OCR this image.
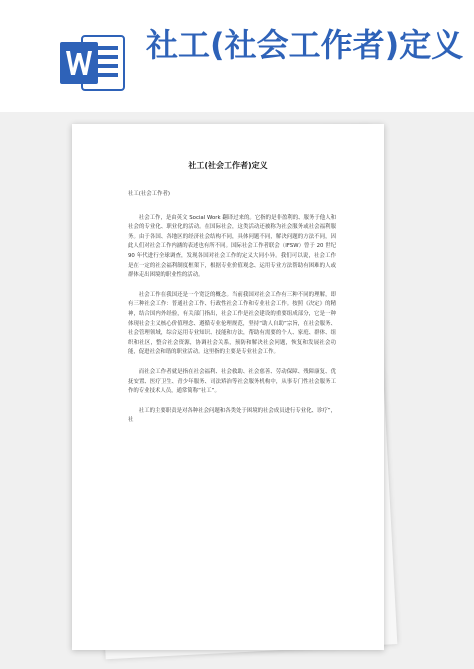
社工(社会工作者)定义
社工(社会工作者)定义

社工(社会工作者)

社会工作，是由英文 Social Work 翻译过来的。它指的是非盈利的、服务于他人和社会的专业化、职业化的活动。在国际社会，这类活动还被称为社会服务或社会福利服务。由于各国、各地区的经济社会结构不同，具体问题不同，解决问题的方法不同，因此人们对社会工作内涵的表述也有所不同。国际社会工作者联会（IFSW）曾于 20 世纪 90 年代进行全球调查，发现各国对社会工作的定义大同小异。我们可以说，社会工作是在一定的社会福利制度框架下，根据专业价值观念、运用专业方法帮助有困难的人或群体走出困境的职业性的活动。

社会工作在我国还是一个宽泛的概念。当前我国对社会工作有三种不同的理解，即有三种社会工作：普通社会工作、行政性社会工作和专业社会工作。按照《决定》的精神，结合国内外经验，有关部门指出，社会工作是社会建设的重要组成部分，它是一种体现社会主义核心价值理念、遵循专业伦理规范，坚持“助人自助”宗旨，在社会服务、社会管理领域，综合运用专业知识、技能和方法，帮助有需要的个人、家庭、群体、组织和社区，整合社会资源，协调社会关系，预防和解决社会问题，恢复和发展社会功能，促进社会和谐的职业活动。这里指的主要是专业社会工作。

而社会工作者就是指在社会福利、社会救助、社会慈善、劳动保障、残障康复、优抚安置、医疗卫生、青少年服务、司法矫治等社会服务机构中，从事专门性社会服务工作的专业技术人员，通常简称“社工”。

社工的主要职责是对各种社会问题和各类处于困境的社会成员进行专业化、诊疗”，社
